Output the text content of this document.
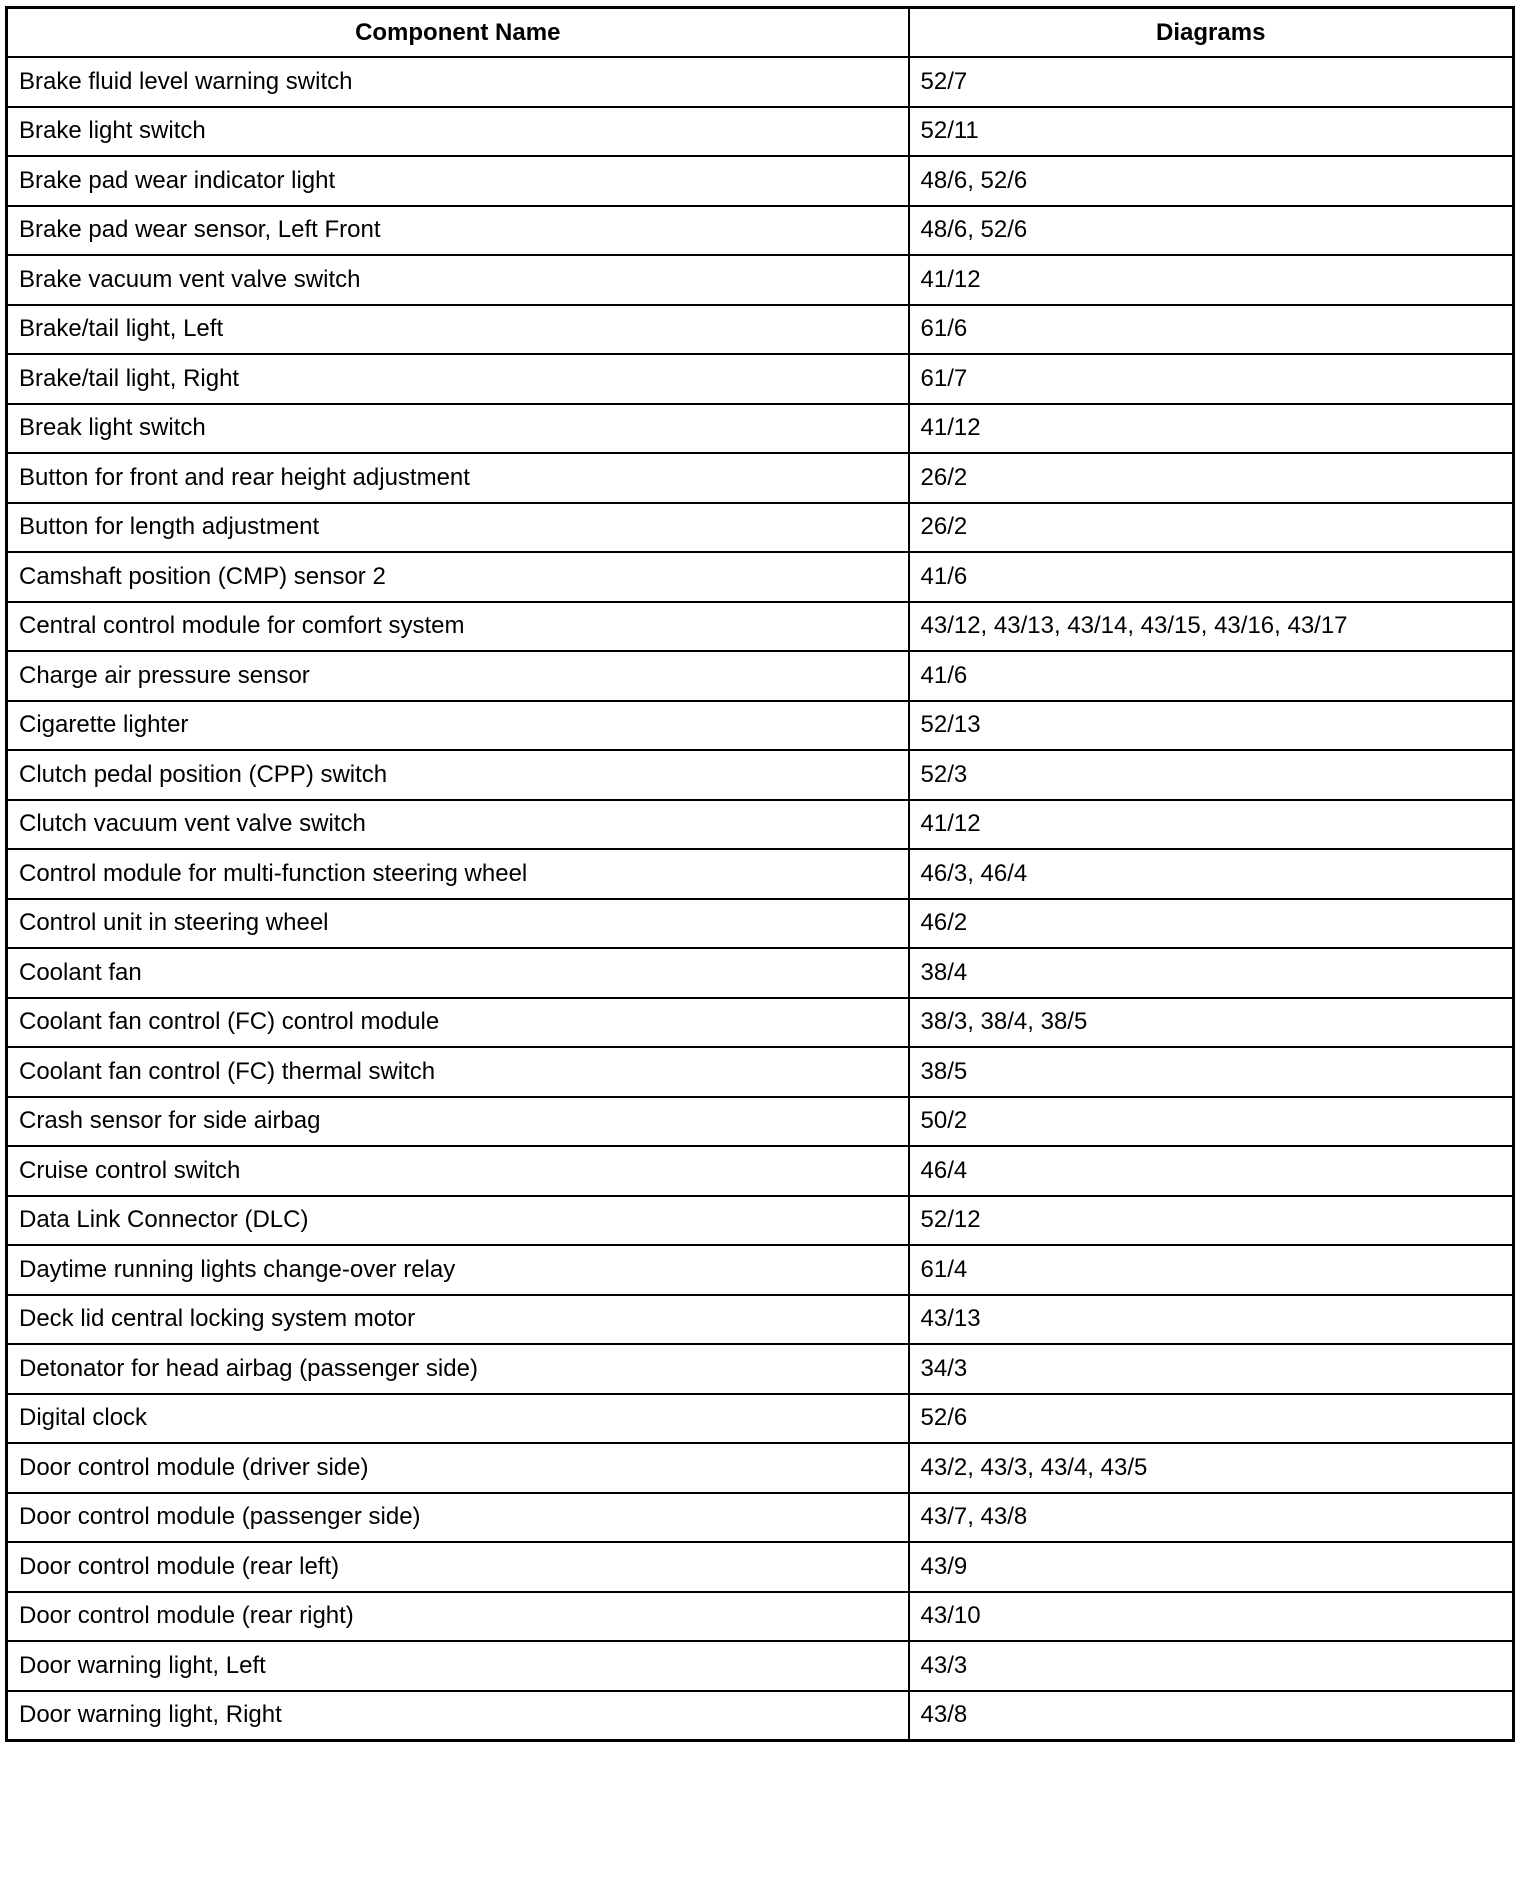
Component Name	Diagrams
Brake fluid level warning switch	52/7
Brake light switch	52/11
Brake pad wear indicator light	48/6, 52/6
Brake pad wear sensor, Left Front	48/6, 52/6
Brake vacuum vent valve switch	41/12
Brake/tail light, Left	61/6
Brake/tail light, Right	61/7
Break light switch	41/12
Button for front and rear height adjustment	26/2
Button for length adjustment	26/2
Camshaft position (CMP) sensor 2	41/6
Central control module for comfort system	43/12, 43/13, 43/14, 43/15, 43/16, 43/17
Charge air pressure sensor	41/6
Cigarette lighter	52/13
Clutch pedal position (CPP) switch	52/3
Clutch vacuum vent valve switch	41/12
Control module for multi-function steering wheel	46/3, 46/4
Control unit in steering wheel	46/2
Coolant fan	38/4
Coolant fan control (FC) control module	38/3, 38/4, 38/5
Coolant fan control (FC) thermal switch	38/5
Crash sensor for side airbag	50/2
Cruise control switch	46/4
Data Link Connector (DLC)	52/12
Daytime running lights change-over relay	61/4
Deck lid central locking system motor	43/13
Detonator for head airbag (passenger side)	34/3
Digital clock	52/6
Door control module (driver side)	43/2, 43/3, 43/4, 43/5
Door control module (passenger side)	43/7, 43/8
Door control module (rear left)	43/9
Door control module (rear right)	43/10
Door warning light, Left	43/3
Door warning light, Right	43/8
